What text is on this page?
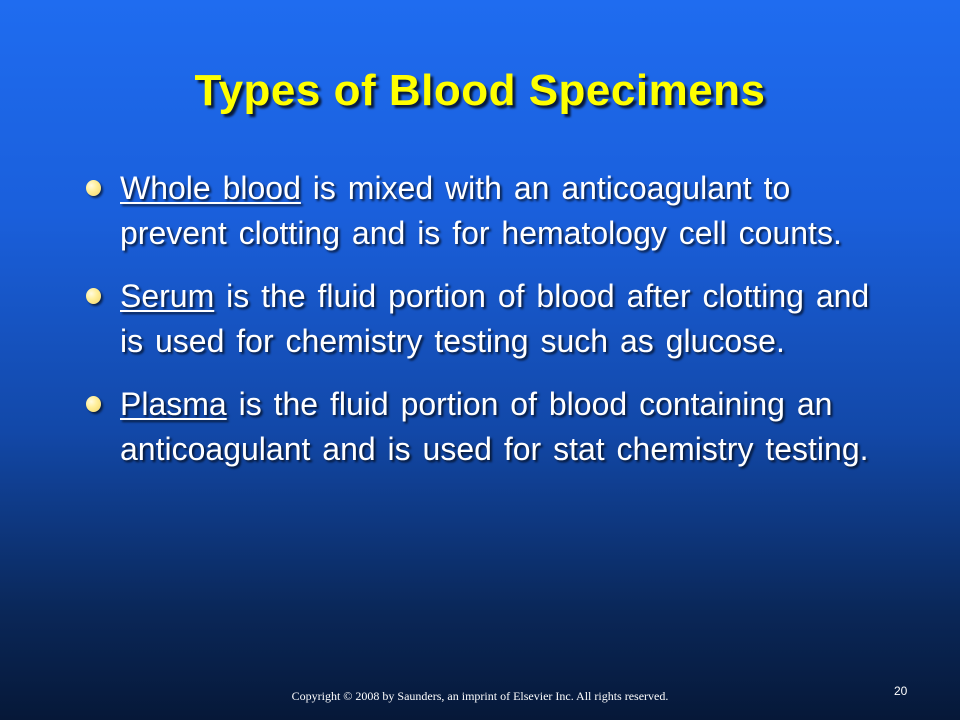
Types of Blood Specimens
Whole blood is mixed with an anticoagulant to prevent clotting and is for hematology cell counts.
Serum is the fluid portion of blood after clotting and is used for chemistry testing such as glucose.
Plasma is the fluid portion of blood containing an anticoagulant and is used for stat chemistry testing.
Copyright © 2008 by Saunders, an imprint of Elsevier Inc. All rights reserved.	20
